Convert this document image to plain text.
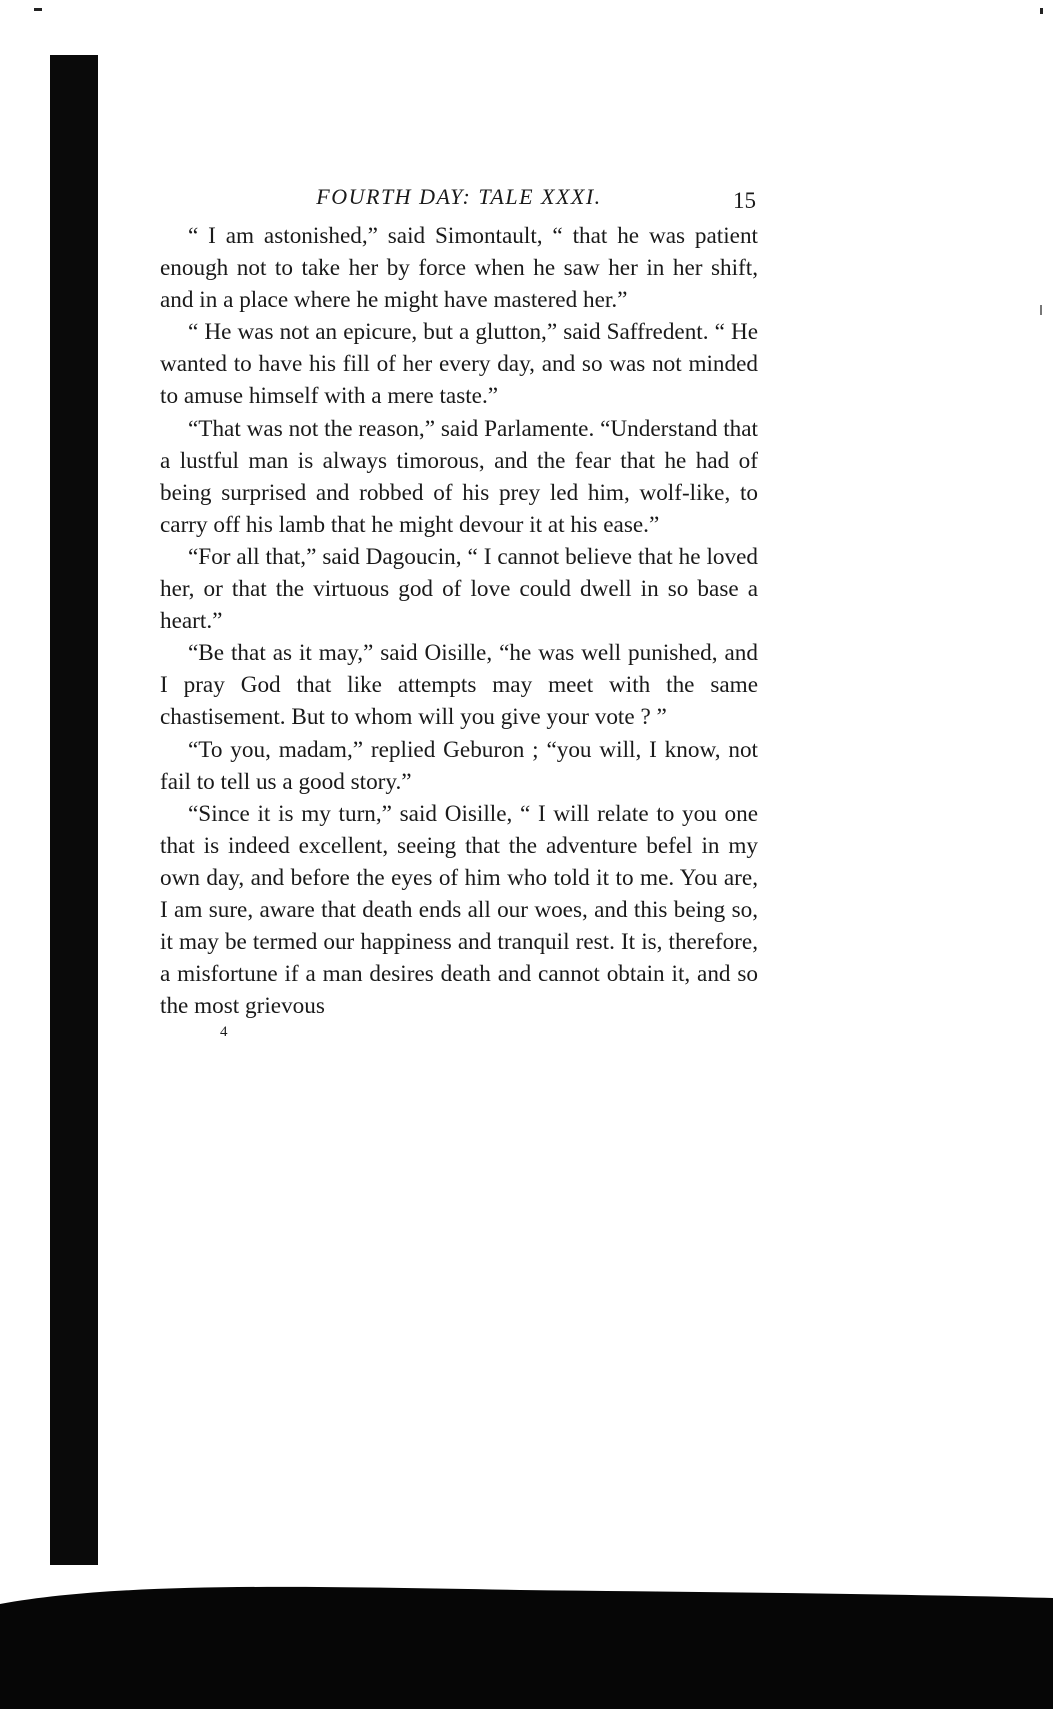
FOURTH DAY: TALE XXXI.	15

“ I am astonished,” said Simontault, “ that he was patient enough not to take her by force when he saw her in her shift, and in a place where he might have mastered her.”

“ He was not an epicure, but a glutton,” said Saffredent. “ He wanted to have his fill of her every day, and so was not minded to amuse himself with a mere taste.”

“That was not the reason,” said Parlamente. “Understand that a lustful man is always timorous, and the fear that he had of being surprised and robbed of his prey led him, wolf-like, to carry off his lamb that he might devour it at his ease.”

“For all that,” said Dagoucin, “ I cannot believe that he loved her, or that the virtuous god of love could dwell in so base a heart.”

“Be that as it may,” said Oisille, “he was well punished, and I pray God that like attempts may meet with the same chastisement. But to whom will you give your vote ? ”

“To you, madam,” replied Geburon ; “you will, I know, not fail to tell us a good story.”

“Since it is my turn,” said Oisille, “ I will relate to you one that is indeed excellent, seeing that the adventure befel in my own day, and before the eyes of him who told it to me. You are, I am sure, aware that death ends all our woes, and this being so, it may be termed our happiness and tranquil rest. It is, therefore, a misfortune if a man desires death and cannot obtain it, and so the most grievous

4
